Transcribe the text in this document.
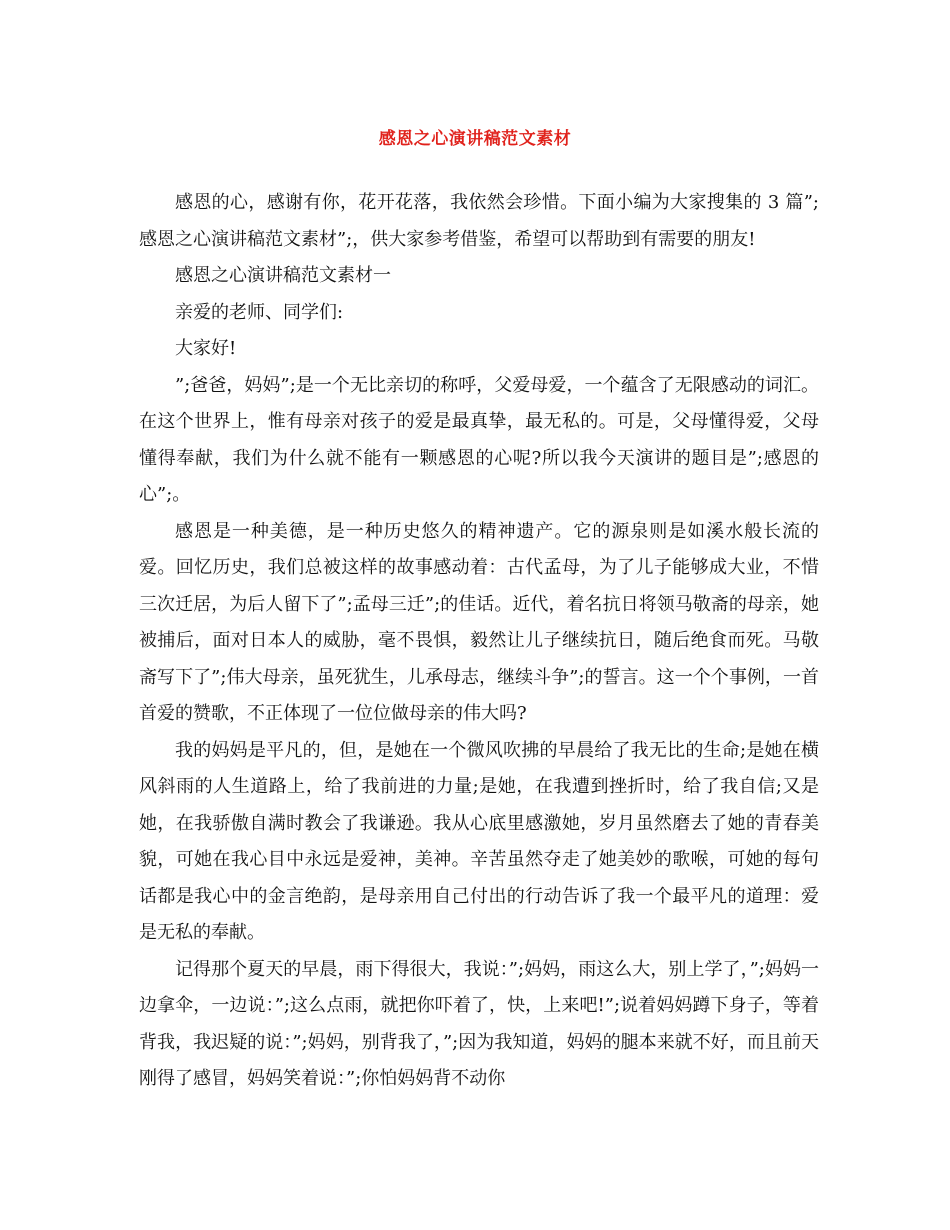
感恩之心演讲稿范文素材

感恩的心，感谢有你，花开花落，我依然会珍惜。下面小编为大家搜集的 3 篇”;感恩之心演讲稿范文素材”;，供大家参考借鉴，希望可以帮助到有需要的朋友!

感恩之心演讲稿范文素材一

亲爱的老师、同学们:

大家好!

”;爸爸，妈妈”;是一个无比亲切的称呼，父爱母爱，一个蕴含了无限感动的词汇。在这个世界上，惟有母亲对孩子的爱是最真挚，最无私的。可是，父母懂得爱，父母懂得奉献，我们为什么就不能有一颗感恩的心呢?所以我今天演讲的题目是”;感恩的心”;。

感恩是一种美德，是一种历史悠久的精神遗产。它的源泉则是如溪水般长流的爱。回忆历史，我们总被这样的故事感动着：古代孟母，为了儿子能够成大业，不惜三次迁居，为后人留下了”;孟母三迁”;的佳话。近代，着名抗日将领马敬斋的母亲，她被捕后，面对日本人的威胁，毫不畏惧，毅然让儿子继续抗日，随后绝食而死。马敬斋写下了”;伟大母亲，虽死犹生，儿承母志，继续斗争”;的誓言。这一个个事例，一首首爱的赞歌，不正体现了一位位做母亲的伟大吗?

我的妈妈是平凡的，但，是她在一个微风吹拂的早晨给了我无比的生命;是她在横风斜雨的人生道路上，给了我前进的力量;是她，在我遭到挫折时，给了我自信;又是她，在我骄傲自满时教会了我谦逊。我从心底里感激她，岁月虽然磨去了她的青春美貌，可她在我心目中永远是爱神，美神。辛苦虽然夺走了她美妙的歌喉，可她的每句话都是我心中的金言绝韵，是母亲用自己付出的行动告诉了我一个最平凡的道理：爱是无私的奉献。

记得那个夏天的早晨，雨下得很大，我说：”;妈妈，雨这么大，别上学了，”;妈妈一边拿伞，一边说：”;这么点雨，就把你吓着了，快，上来吧!”;说着妈妈蹲下身子，等着背我，我迟疑的说：”;妈妈，别背我了，”;因为我知道，妈妈的腿本来就不好，而且前天刚得了感冒，妈妈笑着说：”;你怕妈妈背不动你
